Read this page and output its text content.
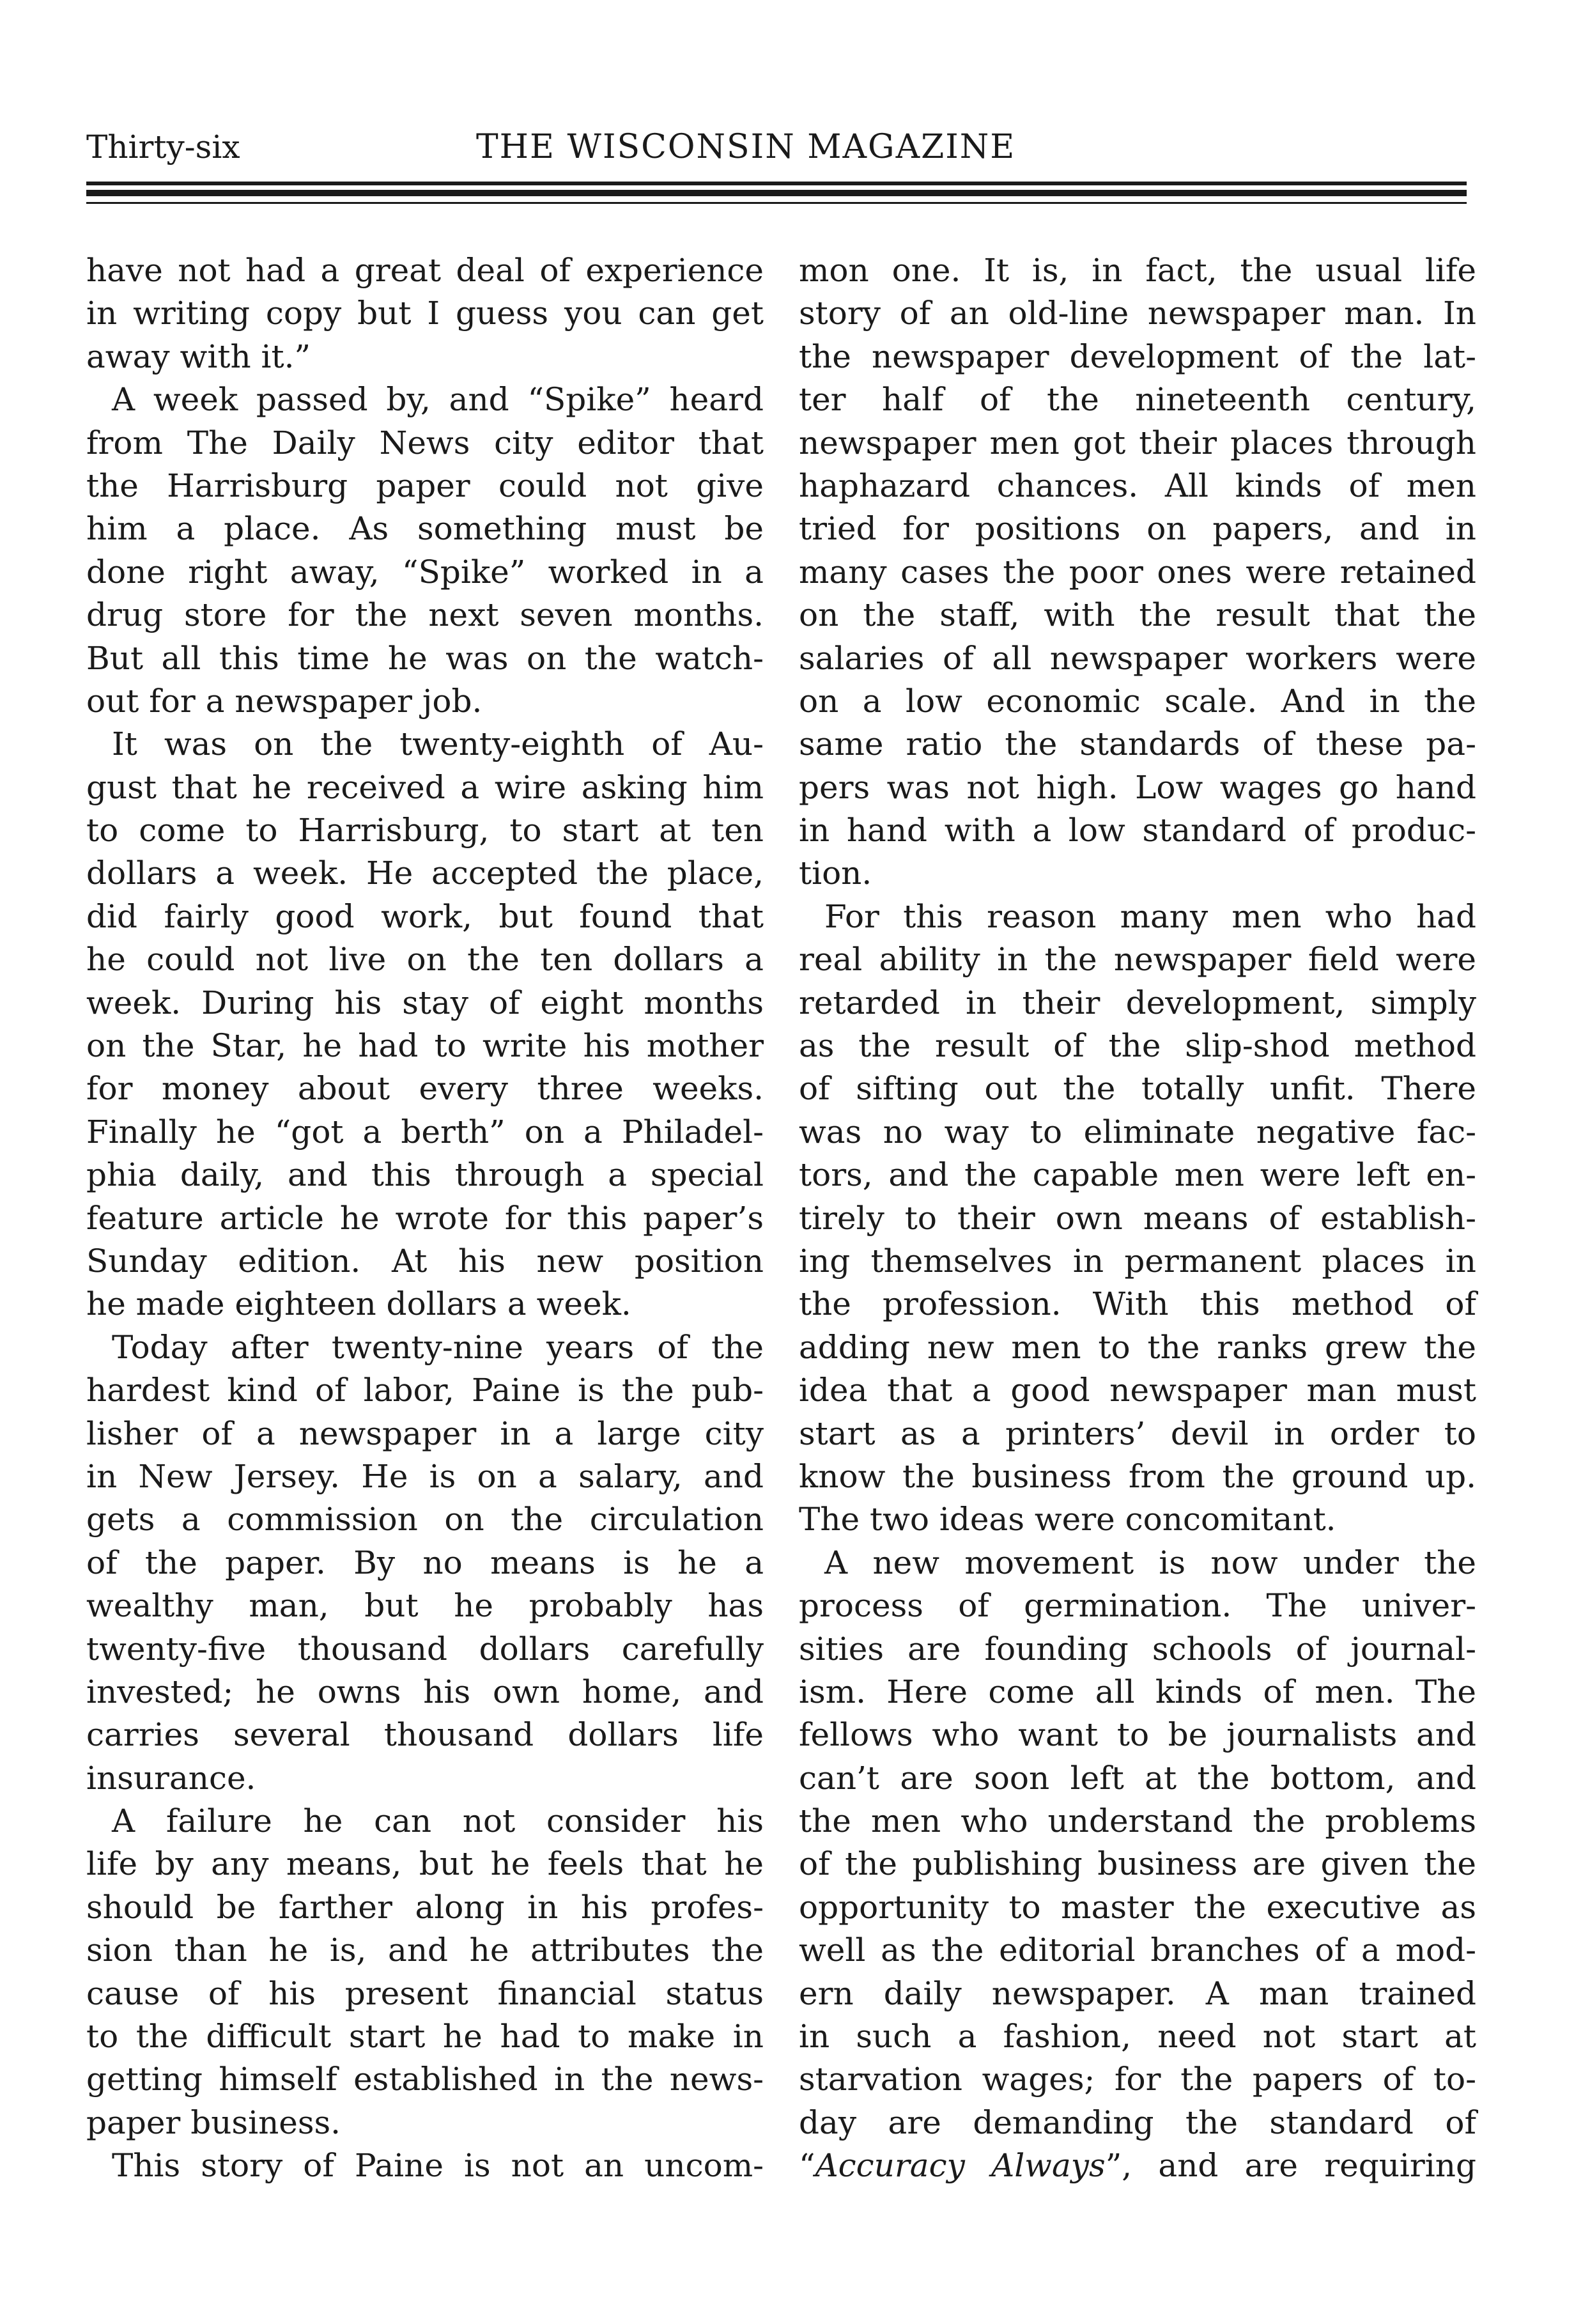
Thirty-six	THE WISCONSIN MAGAZINE
have not had a great deal of experience
in writing copy but I guess you can get
away with it.”
A week passed by, and “Spike” heard
from The Daily News city editor that
the Harrisburg paper could not give
him a place. As something must be
done right away, “Spike” worked in a
drug store for the next seven months.
But all this time he was on the watch-
out for a newspaper job.
It was on the twenty-eighth of Au-
gust that he received a wire asking him
to come to Harrisburg, to start at ten
dollars a week. He accepted the place,
did fairly good work, but found that
he could not live on the ten dollars a
week. During his stay of eight months
on the Star, he had to write his mother
for money about every three weeks.
Finally he “got a berth” on a Philadel-
phia daily, and this through a special
feature article he wrote for this paper’s
Sunday edition. At his new position
he made eighteen dollars a week.
Today after twenty-nine years of the
hardest kind of labor, Paine is the pub-
lisher of a newspaper in a large city
in New Jersey. He is on a salary, and
gets a commission on the circulation
of the paper. By no means is he a
wealthy man, but he probably has
twenty-five thousand dollars carefully
invested; he owns his own home, and
carries several thousand dollars life
insurance.
A failure he can not consider his
life by any means, but he feels that he
should be farther along in his profes-
sion than he is, and he attributes the
cause of his present financial status
to the difficult start he had to make in
getting himself established in the news-
paper business.
This story of Paine is not an uncom-
mon one. It is, in fact, the usual life
story of an old-line newspaper man. In
the newspaper development of the lat-
ter half of the nineteenth century,
newspaper men got their places through
haphazard chances. All kinds of men
tried for positions on papers, and in
many cases the poor ones were retained
on the staff, with the result that the
salaries of all newspaper workers were
on a low economic scale. And in the
same ratio the standards of these pa-
pers was not high. Low wages go hand
in hand with a low standard of produc-
tion.
For this reason many men who had
real ability in the newspaper field were
retarded in their development, simply
as the result of the slip-shod method
of sifting out the totally unfit. There
was no way to eliminate negative fac-
tors, and the capable men were left en-
tirely to their own means of establish-
ing themselves in permanent places in
the profession. With this method of
adding new men to the ranks grew the
idea that a good newspaper man must
start as a printers’ devil in order to
know the business from the ground up.
The two ideas were concomitant.
A new movement is now under the
process of germination. The univer-
sities are founding schools of journal-
ism. Here come all kinds of men. The
fellows who want to be journalists and
can’t are soon left at the bottom, and
the men who understand the problems
of the publishing business are given the
opportunity to master the executive as
well as the editorial branches of a mod-
ern daily newspaper. A man trained
in such a fashion, need not start at
starvation wages; for the papers of to-
day are demanding the standard of
“Accuracy Always”, and are requiring
